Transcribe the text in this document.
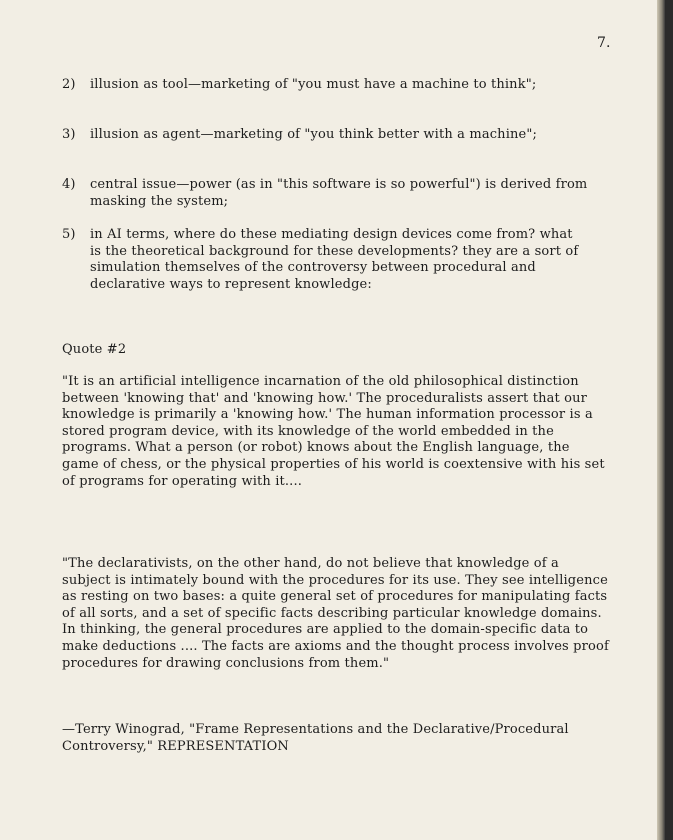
7.
2) illusion as tool—marketing of "you must have a machine to think";
3) illusion as agent—marketing of "you think better with a machine";
4) central issue—power (as in "this software is so powerful") is derived from masking the system;
5) in AI terms, where do these mediating design devices come from? what is the theoretical background for these developments? they are a sort of simulation themselves of the controversy between procedural and declarative ways to represent knowledge:
Quote #2
"It is an artificial intelligence incarnation of the old philosophical distinction between 'knowing that' and 'knowing how.' The proceduralists assert that our knowledge is primarily a 'knowing how.' The human information processor is a stored program device, with its knowledge of the world embedded in the programs. What a person (or robot) knows about the English language, the game of chess, or the physical properties of his world is coextensive with his set of programs for operating with it....
"The declarativists, on the other hand, do not believe that knowledge of a subject is intimately bound with the procedures for its use. They see intelligence as resting on two bases: a quite general set of procedures for manipulating facts of all sorts, and a set of specific facts describing particular knowledge domains. In thinking, the general procedures are applied to the domain-specific data to make deductions .... The facts are axioms and the thought process involves proof procedures for drawing conclusions from them."
—Terry Winograd, "Frame Representations and the Declarative/Procedural Controversy," REPRESENTATION
